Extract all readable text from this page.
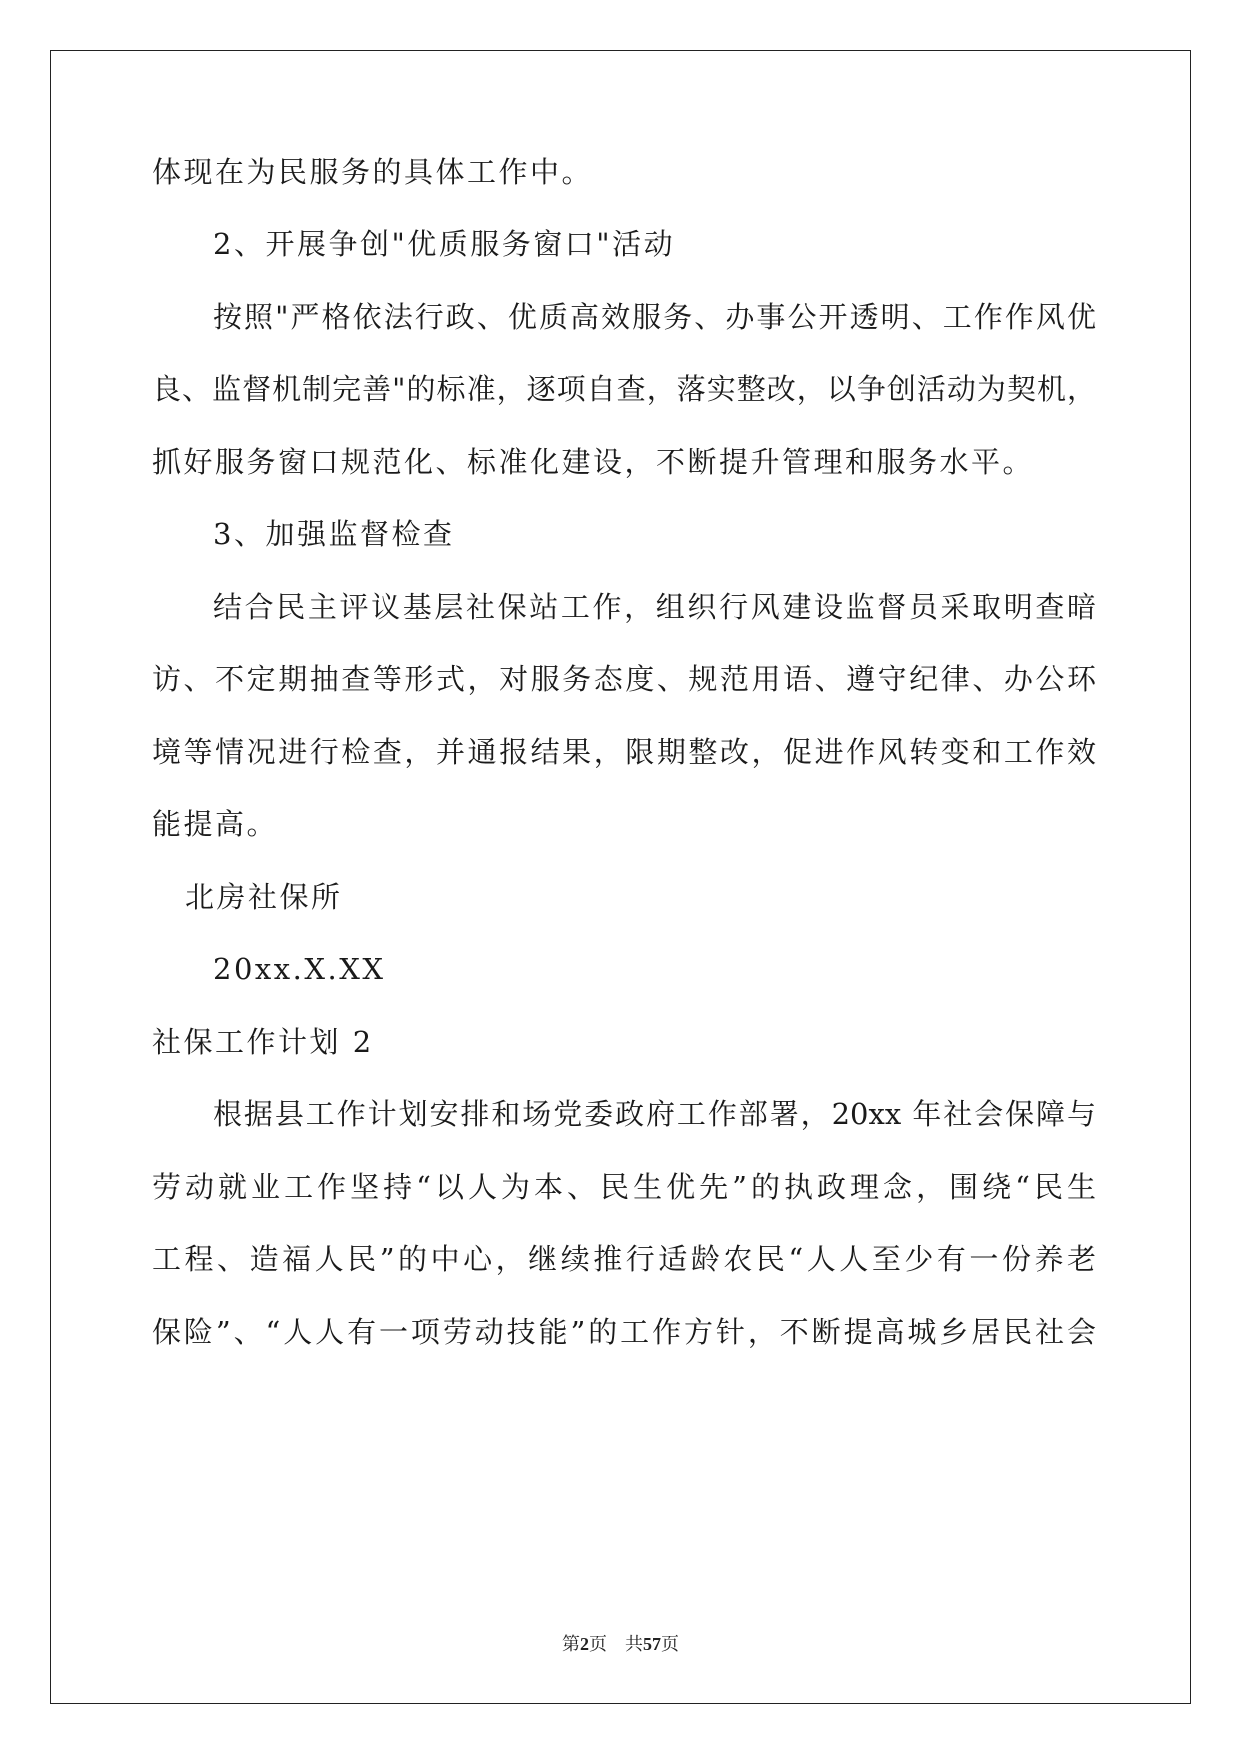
体现在为民服务的具体工作中。
2、开展争创"优质服务窗口"活动
按照"严格依法行政、优质高效服务、办事公开透明、工作作风优
良、监督机制完善"的标准，逐项自查，落实整改，以争创活动为契机，
抓好服务窗口规范化、标准化建设，不断提升管理和服务水平。
3、加强监督检查
结合民主评议基层社保站工作，组织行风建设监督员采取明查暗
访、不定期抽查等形式，对服务态度、规范用语、遵守纪律、办公环
境等情况进行检查，并通报结果，限期整改，促进作风转变和工作效
能提高。
北房社保所
20xx.X.XX
社保工作计划 2
根据县工作计划安排和场党委政府工作部署，20xx 年社会保障与
劳动就业工作坚持“以人为本、民生优先”的执政理念，围绕“民生
工程、造福人民”的中心，继续推行适龄农民“人人至少有一份养老
保险”、“人人有一项劳动技能”的工作方针，不断提高城乡居民社会
第2页 共57页
